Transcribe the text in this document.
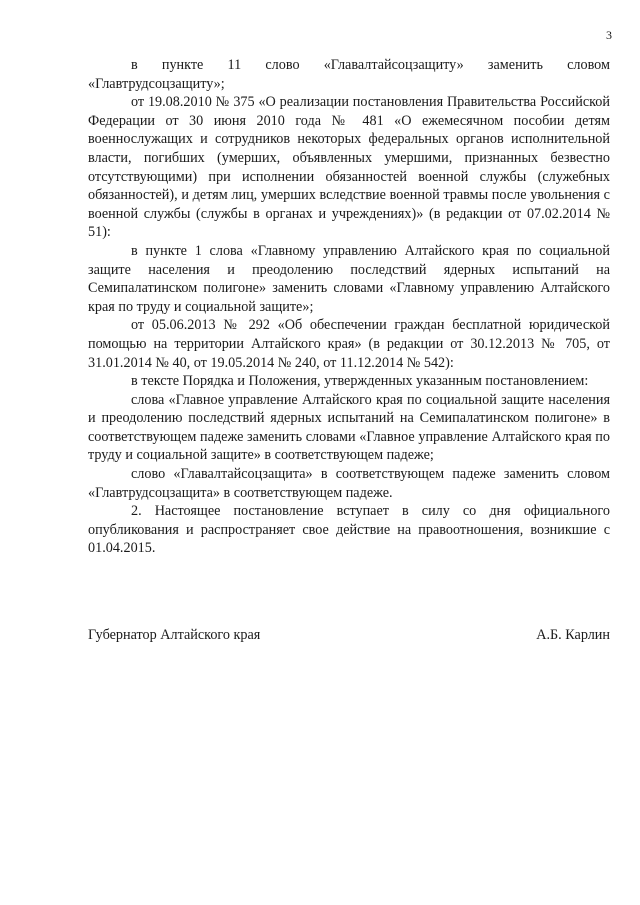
3

в пункте 11 слово «Главалтайсоцзащиту» заменить словом «Главтрудсоцзащиту»;

от 19.08.2010 № 375 «О реализации постановления Правительства Российской Федерации от 30 июня 2010 года № 481 «О ежемесячном пособии детям военнослужащих и сотрудников некоторых федеральных органов исполнительной власти, погибших (умерших, объявленных умершими, признанных безвестно отсутствующими) при исполнении обязанностей военной службы (служебных обязанностей), и детям лиц, умерших вследствие военной травмы после увольнения с военной службы (службы в органах и учреждениях)» (в редакции от 07.02.2014 № 51):

в пункте 1 слова «Главному управлению Алтайского края по социальной защите населения и преодолению последствий ядерных испытаний на Семипалатинском полигоне» заменить словами «Главному управлению Алтайского края по труду и социальной защите»;

от 05.06.2013 № 292 «Об обеспечении граждан бесплатной юридической помощью на территории Алтайского края» (в редакции от 30.12.2013 № 705, от 31.01.2014 № 40, от 19.05.2014 № 240, от 11.12.2014 № 542):

в тексте Порядка и Положения, утвержденных указанным постановлением:

слова «Главное управление Алтайского края по социальной защите населения и преодолению последствий ядерных испытаний на Семипалатинском полигоне» в соответствующем падеже заменить словами «Главное управление Алтайского края по труду и социальной защите» в соответствующем падеже;

слово «Главалтайсоцзащита» в соответствующем падеже заменить словом «Главтрудсоцзащита» в соответствующем падеже.

2. Настоящее постановление вступает в силу со дня официального опубликования и распространяет свое действие на правоотношения, возникшие с 01.04.2015.

Губернатор Алтайского края	А.Б. Карлин
